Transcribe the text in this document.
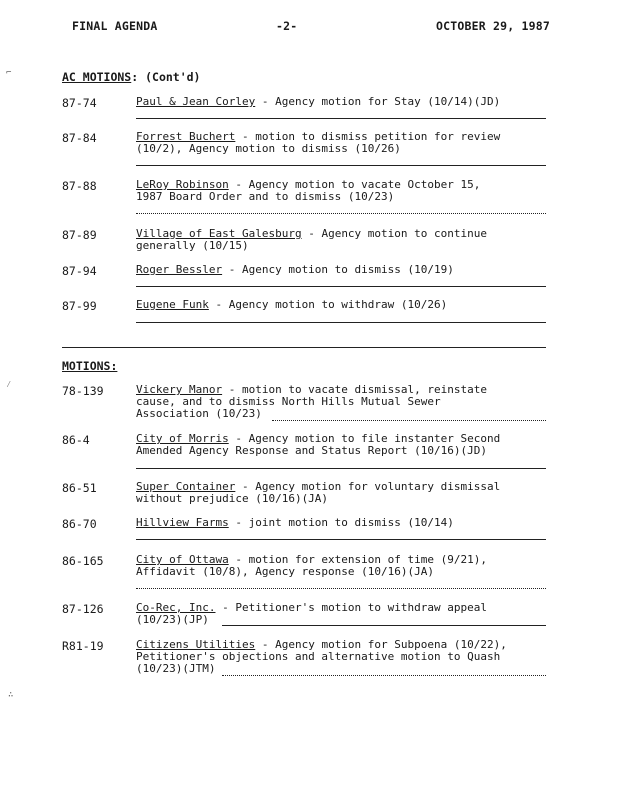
FINAL AGENDA	-2-	OCTOBER 29, 1987
AC MOTIONS: (Cont'd)
87-74	Paul & Jean Corley - Agency motion for Stay (10/14)(JD)
87-84	Forrest Buchert - motion to dismiss petition for review
(10/2), Agency motion to dismiss (10/26)
87-88	LeRoy Robinson - Agency motion to vacate October 15,
1987 Board Order and to dismiss (10/23)
87-89	Village of East Galesburg - Agency motion to continue
generally (10/15)
87-94	Roger Bessler - Agency motion to dismiss (10/19)
87-99	Eugene Funk - Agency motion to withdraw (10/26)
MOTIONS:
78-139	Vickery Manor - motion to vacate dismissal, reinstate
cause, and to dismiss North Hills Mutual Sewer
Association (10/23)
86-4	City of Morris - Agency motion to file instanter Second
Amended Agency Response and Status Report (10/16)(JD)
86-51	Super Container - Agency motion for voluntary dismissal
without prejudice (10/16)(JA)
86-70	Hillview Farms - joint motion to dismiss (10/14)
86-165	City of Ottawa - motion for extension of time (9/21),
Affidavit (10/8), Agency response (10/16)(JA)
87-126	Co-Rec, Inc. - Petitioner's motion to withdraw appeal
(10/23)(JP)
R81-19	Citizens Utilities - Agency motion for Subpoena (10/22),
Petitioner's objections and alternative motion to Quash
(10/23)(JTM)
⌐
⁄
∴
